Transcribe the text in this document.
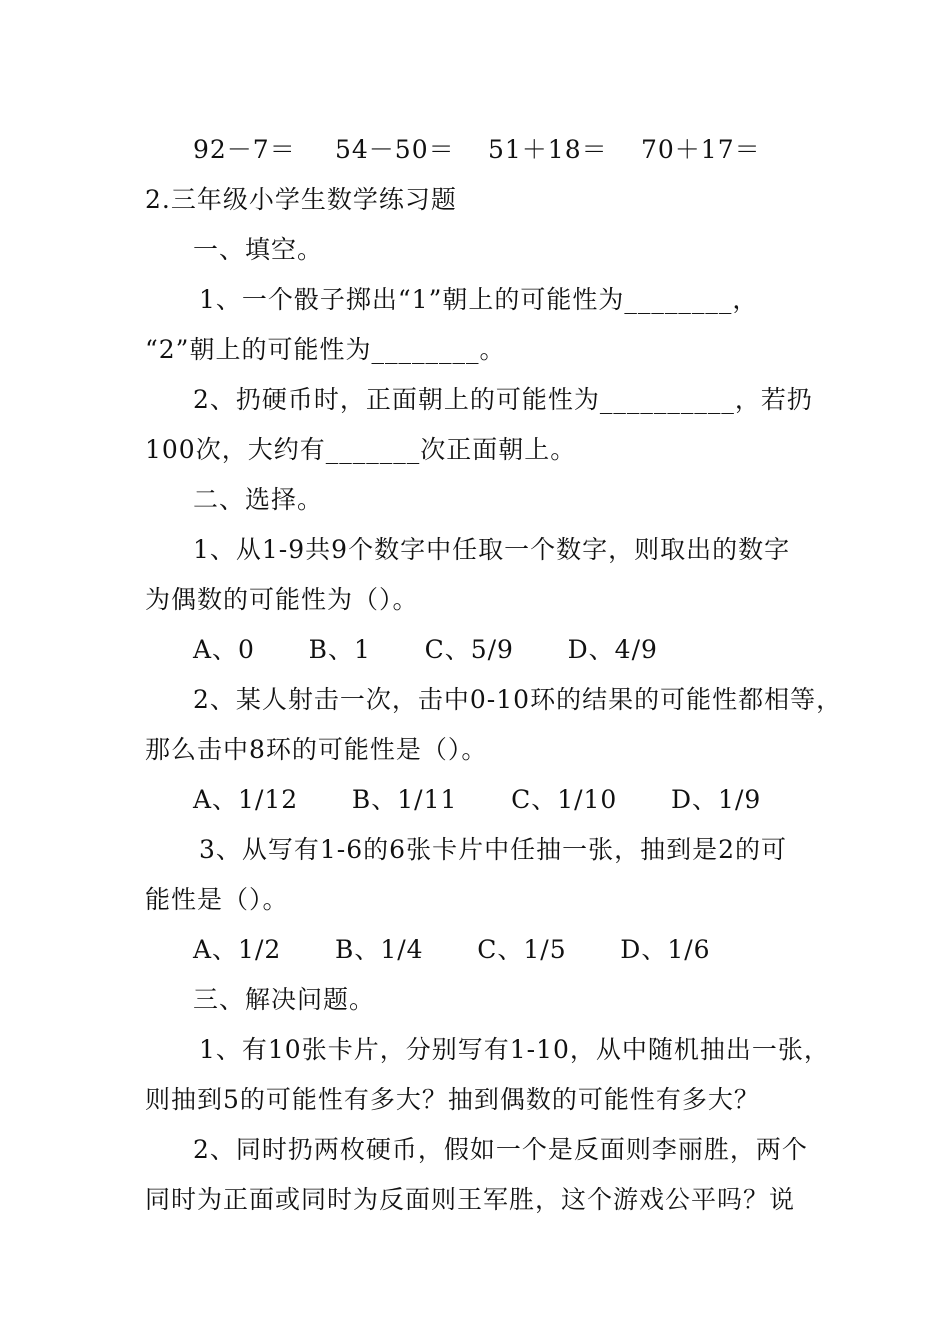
92－7＝

54－50＝

51＋18＝

70＋17＝

2.三年级小学生数学练习题
一、填空。
1、一个骰子掷出“1”朝上的可能性为________，
“2”朝上的可能性为________。
2、扔硬币时，正面朝上的可能性为__________，若扔
100次，大约有_______次正面朝上。
二、选择。
1、从1-9共9个数字中任取一个数字，则取出的数字
为偶数的可能性为（）。
A、0      B、1      C、5/9      D、4/9
2、某人射击一次，击中0-10环的结果的可能性都相等，
那么击中8环的可能性是（）。
A、1/12      B、1/11      C、1/10      D、1/9
3、从写有1-6的6张卡片中任抽一张，抽到是2的可
能性是（）。
A、1/2      B、1/4      C、1/5      D、1/6
三、解决问题。
1、有10张卡片，分别写有1-10，从中随机抽出一张，
则抽到5的可能性有多大？抽到偶数的可能性有多大？
2、同时扔两枚硬币，假如一个是反面则李丽胜，两个
同时为正面或同时为反面则王军胜，这个游戏公平吗？说
